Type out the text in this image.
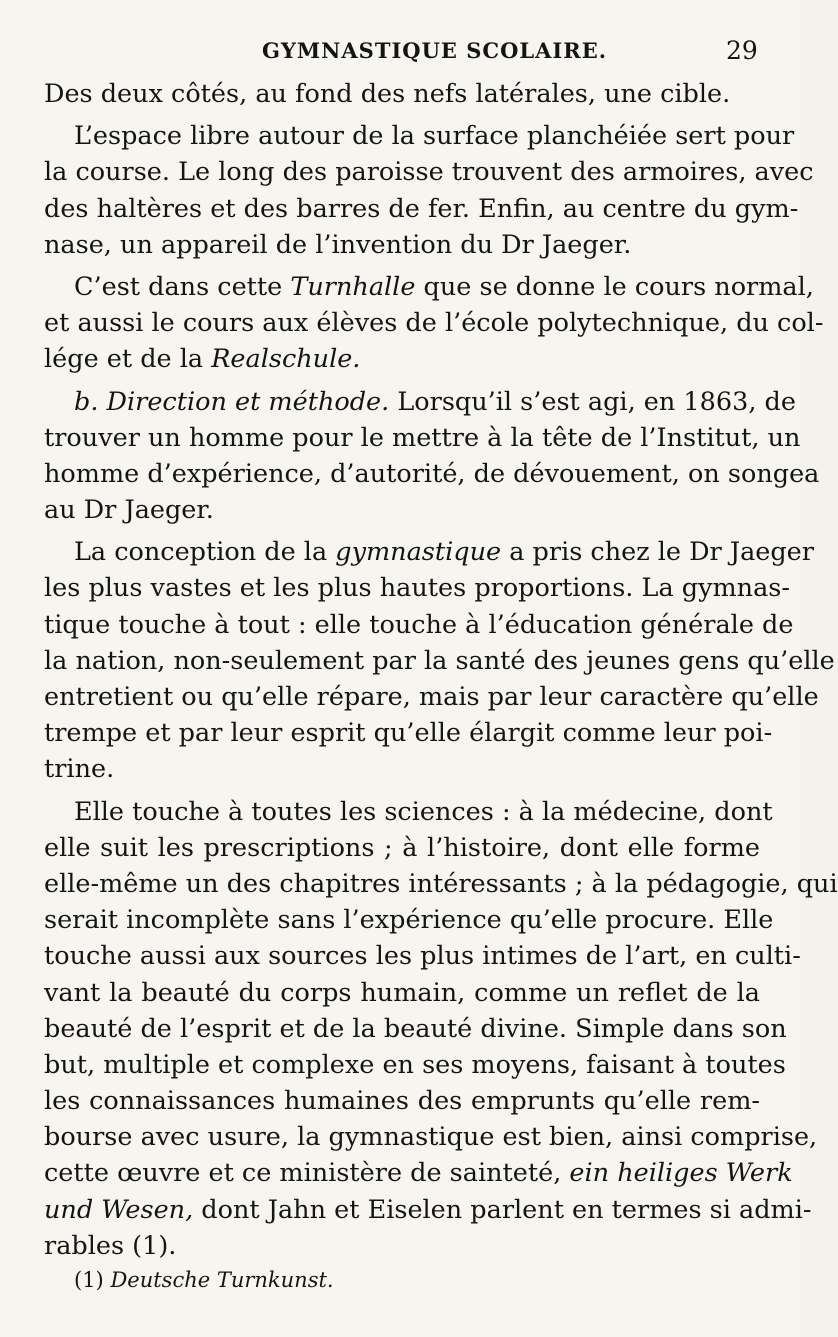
GYMNASTIQUE SCOLAIRE.	29
Des deux côtés, au fond des nefs latérales, une cible.
L’espace libre autour de la surface planchéiée sert pour
la course. Le long des paroisse trouvent des armoires, avec
des haltères et des barres de fer. Enfin, au centre du gym-
nase, un appareil de l’invention du Dr Jaeger.
C’est dans cette Turnhalle que se donne le cours normal,
et aussi le cours aux élèves de l’école polytechnique, du col-
lége et de la Realschule.
b. Direction et méthode. Lorsqu’il s’est agi, en 1863, de
trouver un homme pour le mettre à la tête de l’Institut, un
homme d’expérience, d’autorité, de dévouement, on songea
au Dr Jaeger.
La conception de la gymnastique a pris chez le Dr Jaeger
les plus vastes et les plus hautes proportions. La gymnas-
tique touche à tout : elle touche à l’éducation générale de
la nation, non-seulement par la santé des jeunes gens qu’elle
entretient ou qu’elle répare, mais par leur caractère qu’elle
trempe et par leur esprit qu’elle élargit comme leur poi-
trine.
Elle touche à toutes les sciences : à la médecine, dont
elle suit les prescriptions ; à l’histoire, dont elle forme
elle-même un des chapitres intéressants ; à la pédagogie, qui
serait incomplète sans l’expérience qu’elle procure. Elle
touche aussi aux sources les plus intimes de l’art, en culti-
vant la beauté du corps humain, comme un reflet de la
beauté de l’esprit et de la beauté divine. Simple dans son
but, multiple et complexe en ses moyens, faisant à toutes
les connaissances humaines des emprunts qu’elle rem-
bourse avec usure, la gymnastique est bien, ainsi comprise,
cette œuvre et ce ministère de sainteté, ein heiliges Werk
und Wesen, dont Jahn et Eiselen parlent en termes si admi-
rables (1).
(1) Deutsche Turnkunst.
